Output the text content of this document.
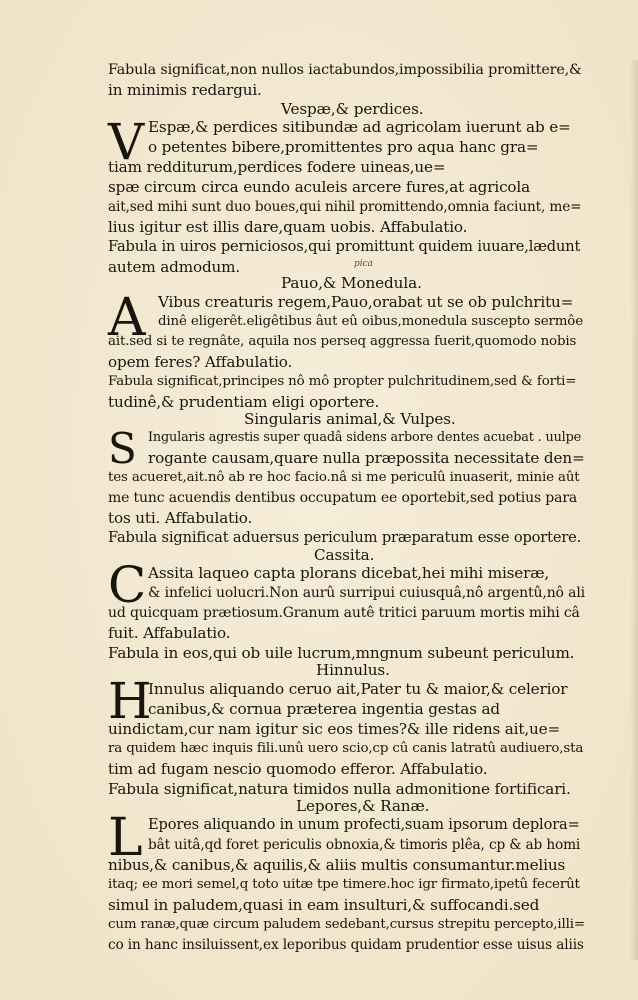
Fabula significat,non nullos iactabundos,impossibilia promittere,&
in minimis redargui.
Vespæ,& perdices.
V Espæ,& perdices sitibundæ ad agricolam iuerunt ab e=
o petentes bibere,promittentes pro aqua hanc gra=
tiam redditurum,perdices fodere uineas,ue=
spæ circum circa eundo aculeis arcere fures,at agricola
ait,sed mihi sunt duo boues,qui nihil promittendo,omnia faciunt, me=
lius igitur est illis dare,quam uobis. Affabulatio.
Fabula in uiros perniciosos,qui promittunt quidem iuuare,lædunt
autem admodum.	pica
Pauo,& Monedula.
A Vibus creaturis regem,Pauo,orabat ut se ob pulchritu=
dinê eligerêt.eligêtibus âut eû oibus,monedula suscepto sermôe
ait.sed si te regnâte, aquila nos perseq aggressa fuerit,quomodo nobis
opem feres? Affabulatio.
Fabula significat,principes nô mô propter pulchritudinem,sed & forti=
tudinê,& prudentiam eligi oportere.
Singularis animal,& Vulpes.
S Ingularis agrestis super quadâ sidens arbore dentes acuebat . uulpe
rogante causam,quare nulla præpossita necessitate den=
tes acueret,ait.nô ab re hoc facio.nâ si me periculû inuaserit, minie aût
me tunc acuendis dentibus occupatum ee oportebit,sed potius para
tos uti. Affabulatio.
Fabula significat aduersus periculum præparatum esse oportere.
Cassita.
C Assita laqueo capta plorans dicebat,hei mihi miseræ,
& infelici uolucri.Non aurû surripui cuiusquâ,nô argentû,nô ali
ud quicquam prætiosum.Granum autê tritici paruum mortis mihi câ
fuit. Affabulatio.
Fabula in eos,qui ob uile lucrum,mngnum subeunt periculum.
Hinnulus.
H
Innulus aliquando ceruo ait,Pater tu & maior,& celerior
canibus,& cornua præterea ingentia gestas ad
uindictam,cur nam igitur sic eos times?& ille ridens ait,ue=
ra quidem hæc inquis fili.unû uero scio,cp cû canis latratû audiuero,sta
tim ad fugam nescio quomodo efferor. Affabulatio.
Fabula significat,natura timidos nulla admonitione fortificari.
Lepores,& Ranæ.
L Epores aliquando in unum profecti,suam ipsorum deplora=
bât uitâ,qd foret periculis obnoxia,& timoris plêa, cp & ab homi
nibus,& canibus,& aquilis,& aliis multis consumantur.melius
itaq; ee mori semel,q toto uitæ tpe timere.hoc igr firmato,ipetû fecerût
simul in paludem,quasi in eam insulturi,& suffocandi.sed
cum ranæ,quæ circum paludem sedebant,cursus strepitu percepto,illi=
co in hanc insiluissent,ex leporibus quidam prudentior esse uisus aliis
